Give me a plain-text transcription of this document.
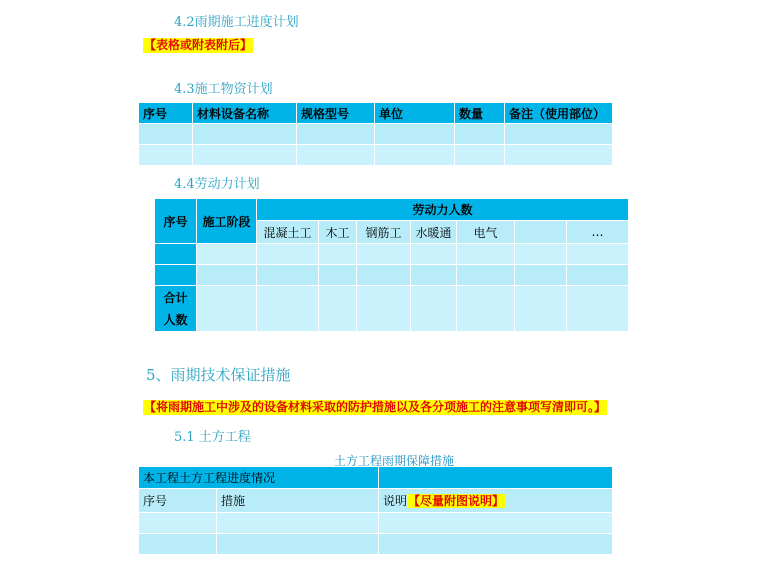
4.2雨期施工进度计划
【表格或附表附后】
4.3施工物资计划
序号	材料设备名称	规格型号	单位	数量	备注（使用部位）

4.4劳动力计划
序号	施工阶段	劳动力人数						
		混凝土工	木工	钢筋工	水暖通	电气		…

合计
人数								

5、雨期技术保证措施
【将雨期施工中涉及的设备材料采取的防护措施以及各分项施工的注意事项写清即可。】
5.1 土方工程
土方工程雨期保障措施
本工程土方工程进度情况		
序号	措施	说明【尽量附图说明】
